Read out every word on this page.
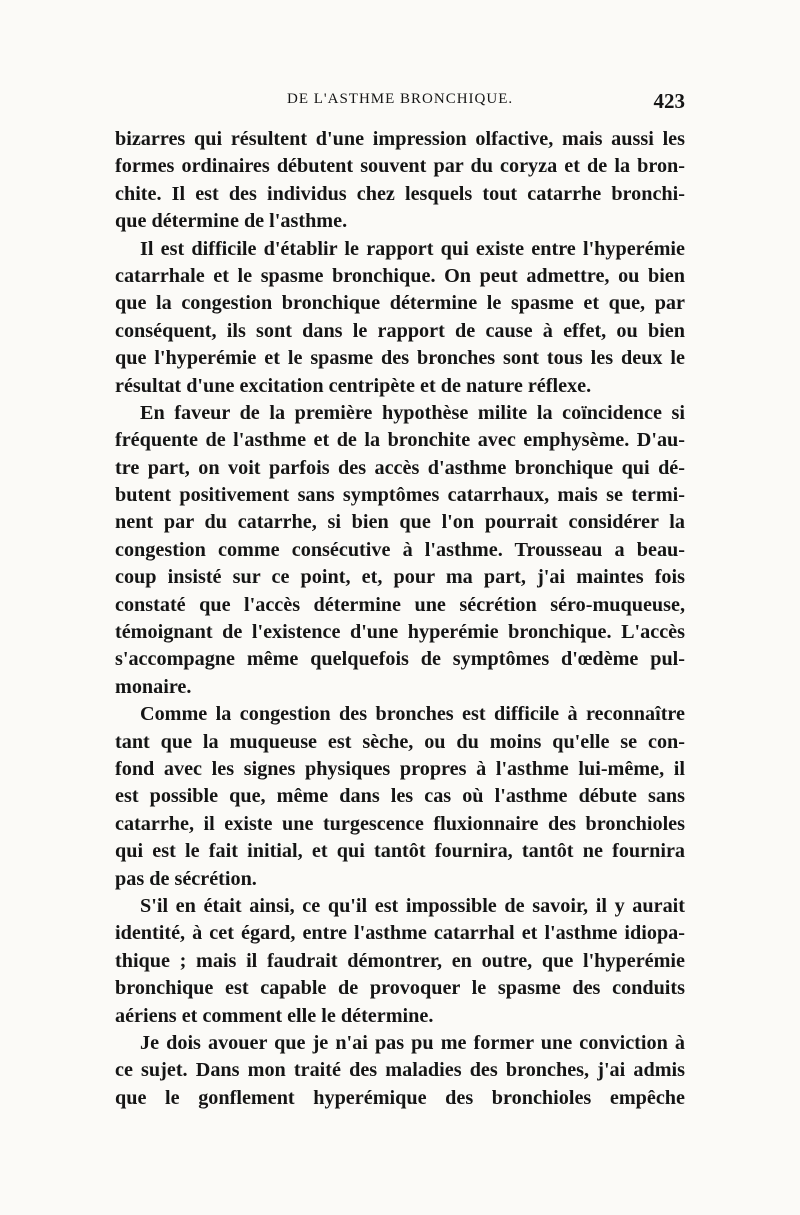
DE L'ASTHME BRONCHIQUE.	423
bizarres qui résultent d'une impression olfactive, mais aussi les
formes ordinaires débutent souvent par du coryza et de la bron-
chite. Il est des individus chez lesquels tout catarrhe bronchi-
que détermine de l'asthme.
Il est difficile d'établir le rapport qui existe entre l'hyperémie
catarrhale et le spasme bronchique. On peut admettre, ou bien
que la congestion bronchique détermine le spasme et que, par
conséquent, ils sont dans le rapport de cause à effet, ou bien
que l'hyperémie et le spasme des bronches sont tous les deux le
résultat d'une excitation centripète et de nature réflexe.
En faveur de la première hypothèse milite la coïncidence si
fréquente de l'asthme et de la bronchite avec emphysème. D'au-
tre part, on voit parfois des accès d'asthme bronchique qui dé-
butent positivement sans symptômes catarrhaux, mais se termi-
nent par du catarrhe, si bien que l'on pourrait considérer la
congestion comme consécutive à l'asthme. Trousseau a beau-
coup insisté sur ce point, et, pour ma part, j'ai maintes fois
constaté que l'accès détermine une sécrétion séro-muqueuse,
témoignant de l'existence d'une hyperémie bronchique. L'accès
s'accompagne même quelquefois de symptômes d'œdème pul-
monaire.
Comme la congestion des bronches est difficile à reconnaître
tant que la muqueuse est sèche, ou du moins qu'elle se con-
fond avec les signes physiques propres à l'asthme lui-même, il
est possible que, même dans les cas où l'asthme débute sans
catarrhe, il existe une turgescence fluxionnaire des bronchioles
qui est le fait initial, et qui tantôt fournira, tantôt ne fournira
pas de sécrétion.
S'il en était ainsi, ce qu'il est impossible de savoir, il y aurait
identité, à cet égard, entre l'asthme catarrhal et l'asthme idiopa-
thique ; mais il faudrait démontrer, en outre, que l'hyperémie
bronchique est capable de provoquer le spasme des conduits
aériens et comment elle le détermine.
Je dois avouer que je n'ai pas pu me former une conviction à
ce sujet. Dans mon traité des maladies des bronches, j'ai admis
que le gonflement hyperémique des bronchioles empêche
